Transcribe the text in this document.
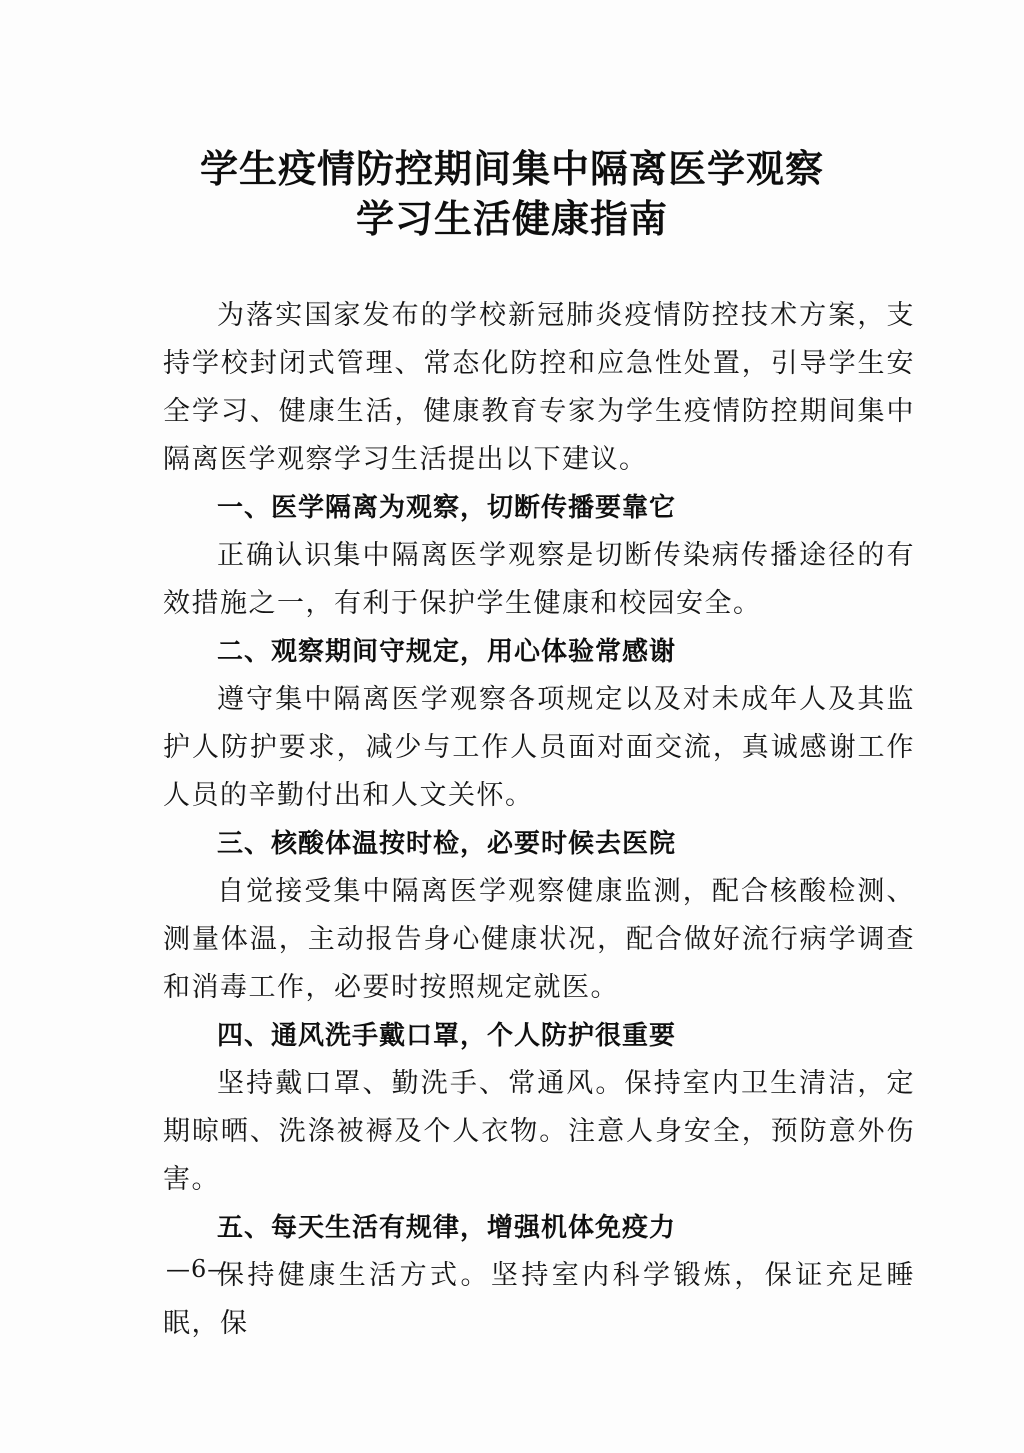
学生疫情防控期间集中隔离医学观察
学习生活健康指南

为落实国家发布的学校新冠肺炎疫情防控技术方案，支持学校封闭式管理、常态化防控和应急性处置，引导学生安全学习、健康生活，健康教育专家为学生疫情防控期间集中隔离医学观察学习生活提出以下建议。

一、医学隔离为观察，切断传播要靠它

正确认识集中隔离医学观察是切断传染病传播途径的有效措施之一，有利于保护学生健康和校园安全。

二、观察期间守规定，用心体验常感谢

遵守集中隔离医学观察各项规定以及对未成年人及其监护人防护要求，减少与工作人员面对面交流，真诚感谢工作人员的辛勤付出和人文关怀。

三、核酸体温按时检，必要时候去医院

自觉接受集中隔离医学观察健康监测，配合核酸检测、测量体温，主动报告身心健康状况，配合做好流行病学调查和消毒工作，必要时按照规定就医。

四、通风洗手戴口罩，个人防护很重要

坚持戴口罩、勤洗手、常通风。保持室内卫生清洁，定期晾晒、洗涤被褥及个人衣物。注意人身安全，预防意外伤害。

五、每天生活有规律，增强机体免疫力

保持健康生活方式。坚持室内科学锻炼，保证充足睡眠，保

—6—
